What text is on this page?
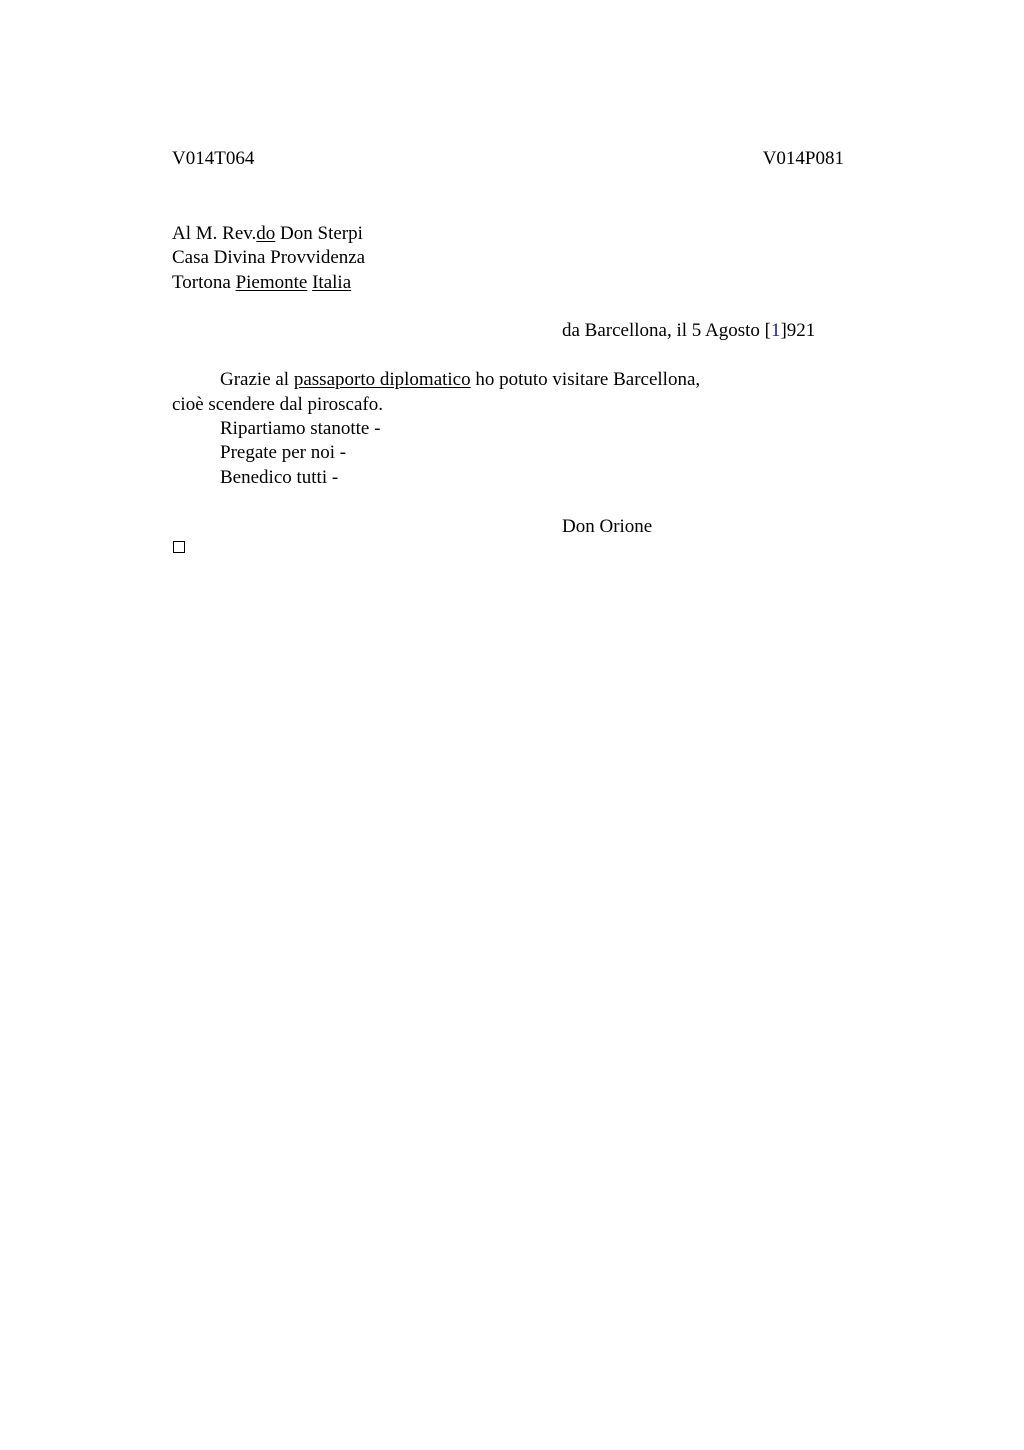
V014T064	V014P081
Al M. Rev.do Don Sterpi
Casa Divina Provvidenza
Tortona Piemonte Italia
da Barcellona, il 5 Agosto [1]921
Grazie al passaporto diplomatico ho potuto visitare Barcellona,
cioè scendere dal piroscafo.
Ripartiamo stanotte -
Pregate per noi -
Benedico tutti -
Don Orione
